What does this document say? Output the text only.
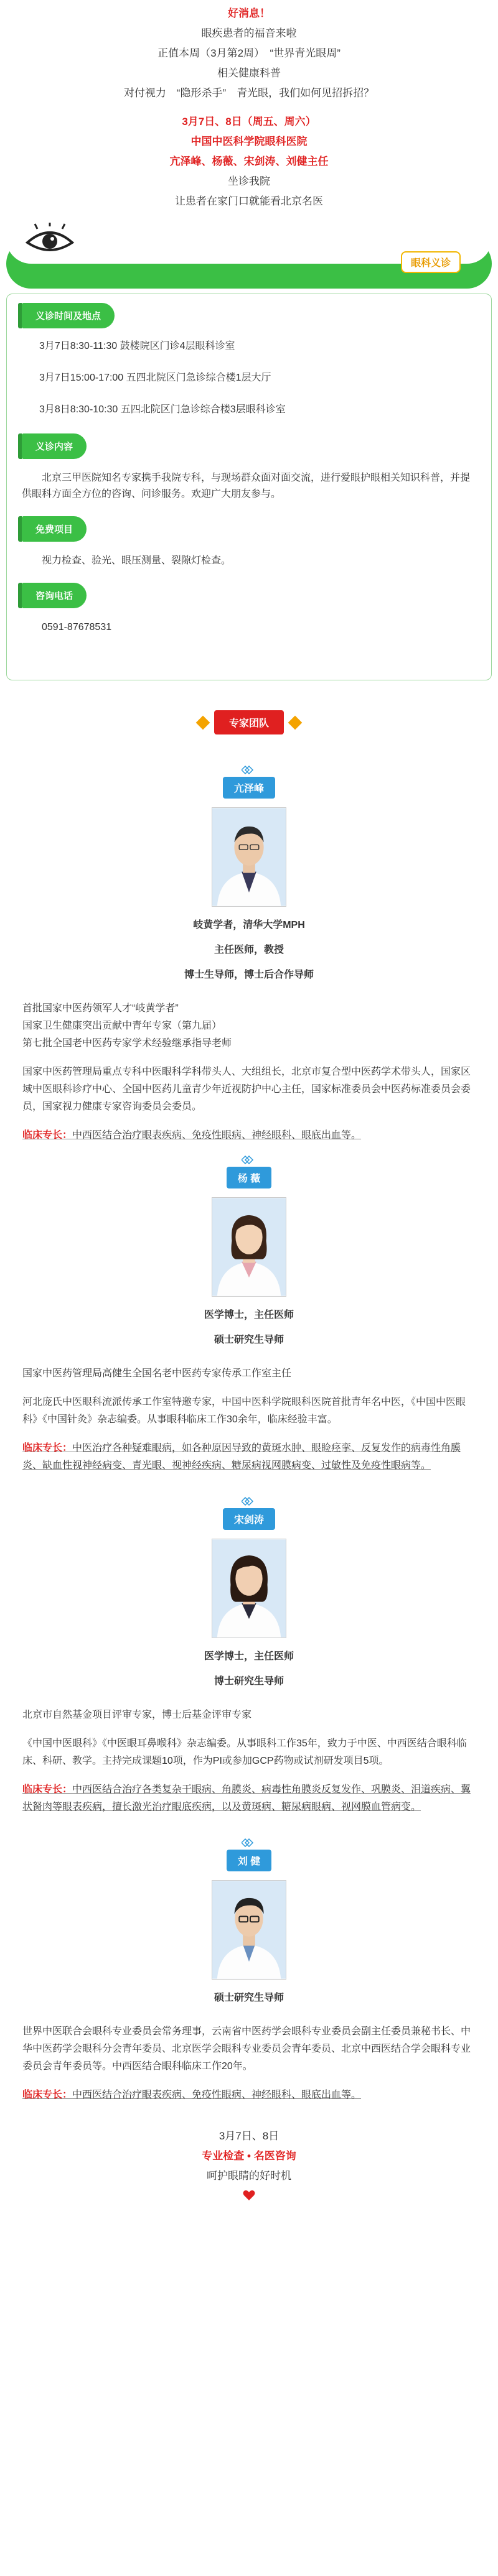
好消息！

眼疾患者的福音来啦

正值本周（3月第2周）　“世界青光眼周”

相关健康科普

对付视力　“隐形杀手”　青光眼，我们如何见招拆招？

3月7日、8日（周五、周六）

中国中医科学院眼科医院

亢泽峰、杨薇、宋剑涛、刘健主任

坐诊我院

让患者在家门口就能看北京名医

眼科义诊
义诊时间及地点

3月7日8:30-11:30 鼓楼院区门诊4层眼科诊室

3月7日15:00-17:00 五四北院区门急诊综合楼1层大厅

3月8日8:30-10:30 五四北院区门急诊综合楼3层眼科诊室

义诊内容

北京三甲医院知名专家携手我院专科，与现场群众面对面交流，进行爱眼护眼相关知识科普，并提供眼科方面全方位的咨询、问诊服务。欢迎广大朋友参与。

免费项目

视力检查、验光、眼压测量、裂隙灯检查。

咨询电话

0591-87678531

专家团队
亢泽峰
岐黄学者，清华大学MPH
主任医师，教授
博士生导师，博士后合作导师

首批国家中医药领军人才“岐黄学者”

国家卫生健康突出贡献中青年专家（第九届）

第七批全国老中医药专家学术经验继承指导老师

国家中医药管理局重点专科中医眼科学科带头人、大组组长，北京市复合型中医药学术带头人，国家区域中医眼科诊疗中心、全国中医药儿童青少年近视防护中心主任，国家标准委员会中医药标准委员会委员，国家视力健康专家咨询委员会委员。

临床专长：中西医结合治疗眼表疾病、免疫性眼病、神经眼科、眼底出血等。

杨 薇
医学博士，主任医师
硕士研究生导师

国家中医药管理局高健生全国名老中医药专家传承工作室主任

河北庞氏中医眼科流派传承工作室特邀专家，中国中医科学院眼科医院首批青年名中医，《中国中医眼科》《中国针灸》杂志编委。从事眼科临床工作30余年，临床经验丰富。

临床专长：中医治疗各种疑难眼病，如各种原因导致的黄斑水肿、眼睑痉挛、反复发作的病毒性角膜炎、缺血性视神经病变、青光眼、视神经疾病、糖尿病视网膜病变、过敏性及免疫性眼病等。

宋剑涛
医学博士，主任医师
博士研究生导师

北京市自然基金项目评审专家，博士后基金评审专家

《中国中医眼科》《中医眼耳鼻喉科》杂志编委。从事眼科工作35年，致力于中医、中西医结合眼科临床、科研、教学。主持完成课题10项，作为PI或参加GCP药物或试剂研发项目5项。

临床专长：中西医结合治疗各类复杂干眼病、角膜炎、病毒性角膜炎反复发作、巩膜炎、泪道疾病、翼状胬肉等眼表疾病，擅长激光治疗眼底疾病，以及黄斑病、糖尿病眼病、视网膜血管病变。

刘 健
硕士研究生导师

世界中医联合会眼科专业委员会常务理事，云南省中医药学会眼科专业委员会副主任委员兼秘书长、中华中医药学会眼科分会青年委员、北京医学会眼科专业委员会青年委员、北京中西医结合学会眼科专业委员会青年委员等。中西医结合眼科临床工作20年。

临床专长：中西医结合治疗眼表疾病、免疫性眼病、神经眼科、眼底出血等。

3月7日、8日

专业检查 • 名医咨询

呵护眼睛的好时机
